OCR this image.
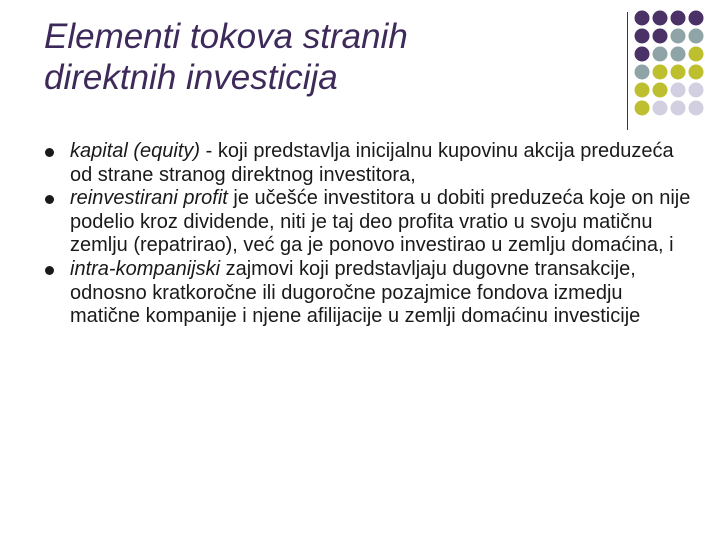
Elementi tokova stranih
direktnih investicija
kapital (equity) - koji predstavlja inicijalnu kupovinu akcija preduzeća od strane stranog direktnog investitora,
reinvestirani profit je učešće investitora u dobiti preduzeća koje on nije podelio kroz dividende, niti je taj deo profita vratio u svoju matičnu zemlju (repatrirao), već ga je ponovo investirao u zemlju domaćina, i
intra-kompanijski zajmovi koji predstavljaju dugovne transakcije, odnosno kratkoročne ili dugoročne pozajmice fondova izmedju matične kompanije i njene afilijacije u zemlji domaćinu investicije
